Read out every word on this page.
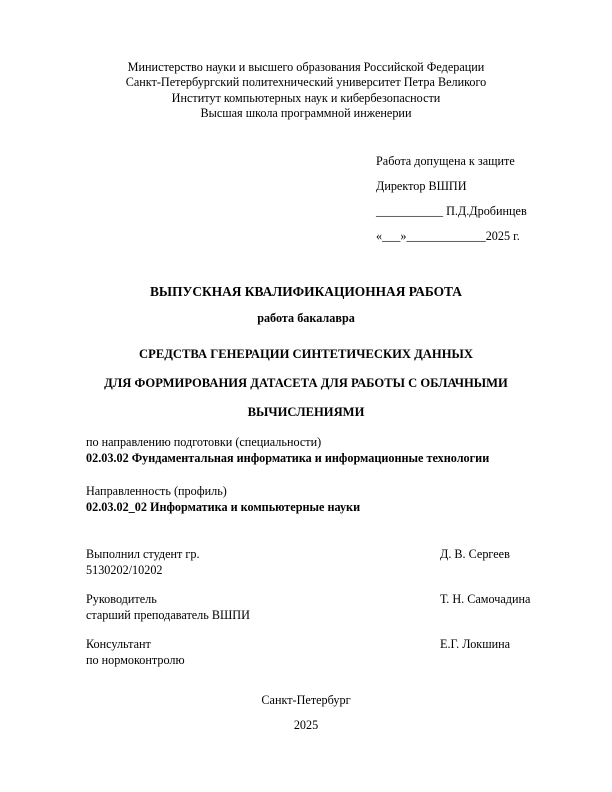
Министерство науки и высшего образования Российской Федерации
Санкт-Петербургский политехнический университет Петра Великого
Институт компьютерных наук и кибербезопасности
Высшая школа программной инженерии
Работа допущена к защите
Директор ВШПИ
___________ П.Д.Дробинцев
«___»_____________2025 г.
ВЫПУСКНАЯ КВАЛИФИКАЦИОННАЯ РАБОТА
работа бакалавра
СРЕДСТВА ГЕНЕРАЦИИ СИНТЕТИЧЕСКИХ ДАННЫХ
ДЛЯ ФОРМИРОВАНИЯ ДАТАСЕТА ДЛЯ РАБОТЫ С ОБЛАЧНЫМИ
ВЫЧИСЛЕНИЯМИ
по направлению подготовки (специальности)
02.03.02 Фундаментальная информатика и информационные технологии
Направленность (профиль)
02.03.02_02 Информатика и компьютерные науки
Выполнил студент гр.
5130202/10202
Д. В. Сергеев
Руководитель
старший преподаватель ВШПИ
Т. Н. Самочадина
Консультант
по нормоконтролю
Е.Г. Локшина
Санкт-Петербург
2025
